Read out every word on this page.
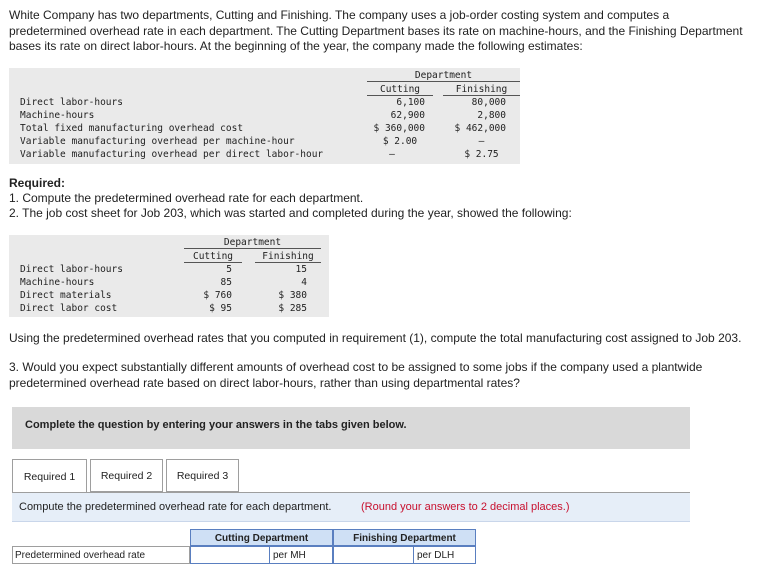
White Company has two departments, Cutting and Finishing. The company uses a job-order costing system and computes a predetermined overhead rate in each department. The Cutting Department bases its rate on machine-hours, and the Finishing Department bases its rate on direct labor-hours. At the beginning of the year, the company made the following estimates:
Department
Cutting	Finishing
Direct labor-hours	6,100	80,000
Machine-hours	62,900	2,800
Total fixed manufacturing overhead cost	$ 360,000	$ 462,000
Variable manufacturing overhead per machine-hour	$ 2.00	–
Variable manufacturing overhead per direct labor-hour	–	$ 2.75
Required:
1. Compute the predetermined overhead rate for each department.
2. The job cost sheet for Job 203, which was started and completed during the year, showed the following:
Department
Cutting	Finishing
Direct labor-hours	5	15
Machine-hours	85	4
Direct materials	$ 760	$ 380
Direct labor cost	$ 95	$ 285
Using the predetermined overhead rates that you computed in requirement (1), compute the total manufacturing cost assigned to Job 203.
3. Would you expect substantially different amounts of overhead cost to be assigned to some jobs if the company used a plantwide predetermined overhead rate based on direct labor-hours, rather than using departmental rates?
Complete the question by entering your answers in the tabs given below.
Required 1	Required 2	Required 3
Compute the predetermined overhead rate for each department.	(Round your answers to 2 decimal places.)
Cutting Department	Finishing Department
Predetermined overhead rate	per MH	per DLH
